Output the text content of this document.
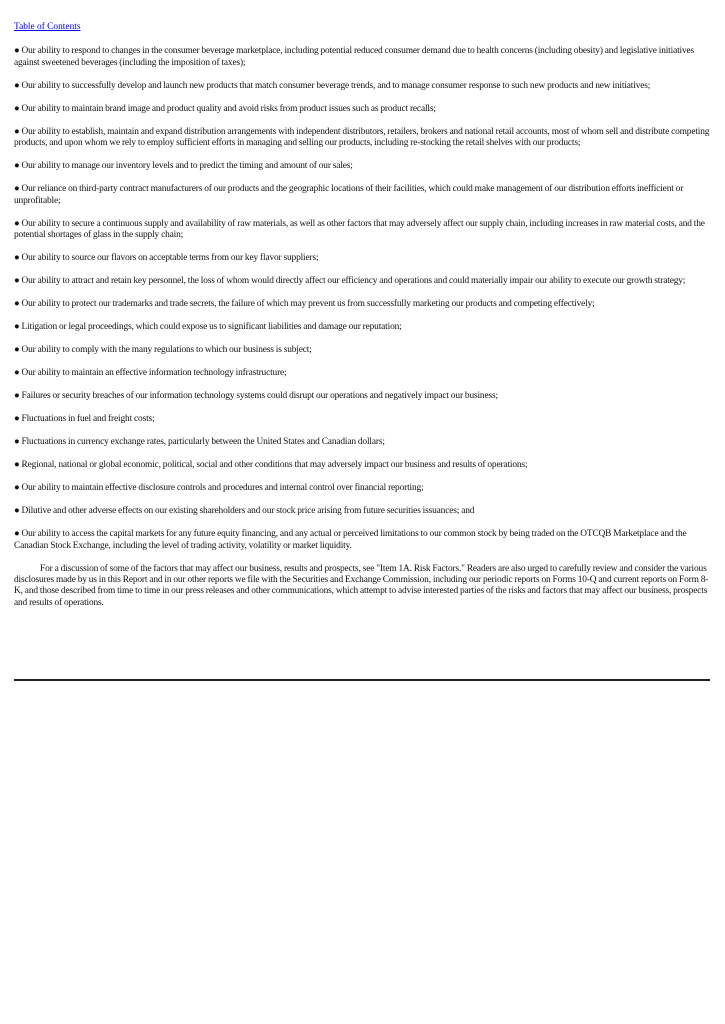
Table of Contents

● Our ability to respond to changes in the consumer beverage marketplace, including potential reduced consumer demand due to health concerns (including obesity) and legislative initiatives against sweetened beverages (including the imposition of taxes);

● Our ability to successfully develop and launch new products that match consumer beverage trends, and to manage consumer response to such new products and new initiatives;

● Our ability to maintain brand image and product quality and avoid risks from product issues such as product recalls;

● Our ability to establish, maintain and expand distribution arrangements with independent distributors, retailers, brokers and national retail accounts, most of whom sell and distribute competing products, and upon whom we rely to employ sufficient efforts in managing and selling our products, including re-stocking the retail shelves with our products;

● Our ability to manage our inventory levels and to predict the timing and amount of our sales;

● Our reliance on third-party contract manufacturers of our products and the geographic locations of their facilities, which could make management of our distribution efforts inefficient or unprofitable;

● Our ability to secure a continuous supply and availability of raw materials, as well as other factors that may adversely affect our supply chain, including increases in raw material costs, and the potential shortages of glass in the supply chain;

● Our ability to source our flavors on acceptable terms from our key flavor suppliers;

● Our ability to attract and retain key personnel, the loss of whom would directly affect our efficiency and operations and could materially impair our ability to execute our growth strategy;

● Our ability to protect our trademarks and trade secrets, the failure of which may prevent us from successfully marketing our products and competing effectively;

● Litigation or legal proceedings, which could expose us to significant liabilities and damage our reputation;

● Our ability to comply with the many regulations to which our business is subject;

● Our ability to maintain an effective information technology infrastructure;

● Failures or security breaches of our information technology systems could disrupt our operations and negatively impact our business;

● Fluctuations in fuel and freight costs;

● Fluctuations in currency exchange rates, particularly between the United States and Canadian dollars;

● Regional, national or global economic, political, social and other conditions that may adversely impact our business and results of operations;

● Our ability to maintain effective disclosure controls and procedures and internal control over financial reporting;

● Dilutive and other adverse effects on our existing shareholders and our stock price arising from future securities issuances; and

● Our ability to access the capital markets for any future equity financing, and any actual or perceived limitations to our common stock by being traded on the OTCQB Marketplace and the Canadian Stock Exchange, including the level of trading activity, volatility or market liquidity.

For a discussion of some of the factors that may affect our business, results and prospects, see "Item 1A. Risk Factors." Readers are also urged to carefully review and consider the various disclosures made by us in this Report and in our other reports we file with the Securities and Exchange Commission, including our periodic reports on Forms 10-Q and current reports on Form 8-K, and those described from time to time in our press releases and other communications, which attempt to advise interested parties of the risks and factors that may affect our business, prospects and results of operations.
